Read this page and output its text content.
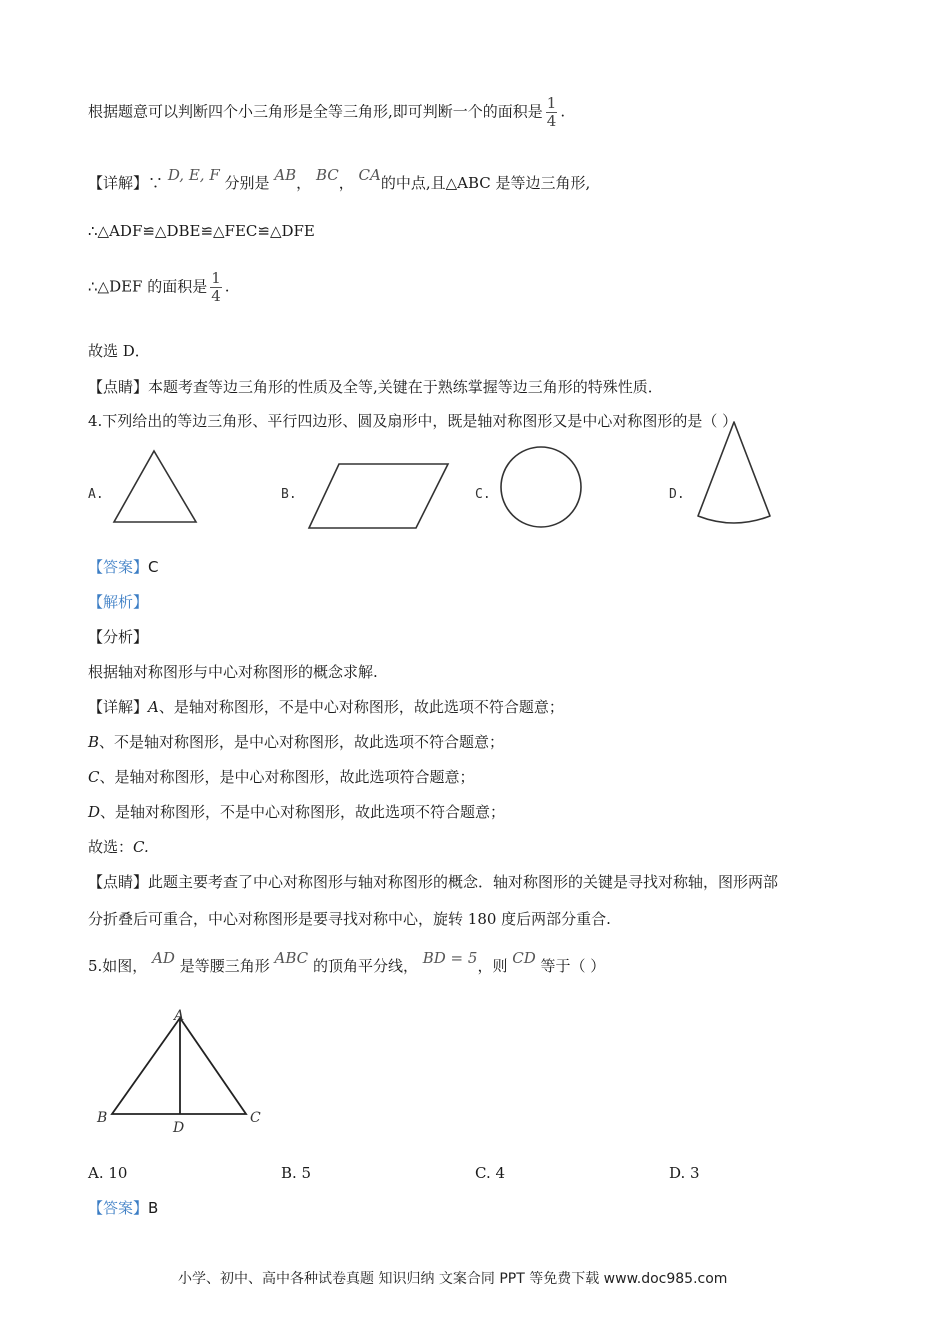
根据题意可以判断四个小三角形是全等三角形,即可判断一个的面积是 $\frac{1}{4}$ .
【详解】∵ D, E, F 分别是 AB， BC， CA的中点,且△ABC 是等边三角形,
∴△ADF≌△DBE≌△FEC≌△DFE
∴△DEF 的面积是 $\frac{1}{4}$ .
故选 D．
【点睛】本题考查等边三角形的性质及全等,关键在于熟练掌握等边三角形的特殊性质．
4.下列给出的等边三角形、平行四边形、圆及扇形中，既是轴对称图形又是中心对称图形的是（ ）
A.	B.	C.	D.
【答案】C
【解析】
【分析】
根据轴对称图形与中心对称图形的概念求解.
【详解】A、是轴对称图形，不是中心对称图形，故此选项不符合题意；
B、不是轴对称图形，是中心对称图形，故此选项不符合题意；
C、是轴对称图形，是中心对称图形，故此选项符合题意；
D、是轴对称图形，不是中心对称图形，故此选项不符合题意；
故选：C.
【点睛】此题主要考查了中心对称图形与轴对称图形的概念．轴对称图形的关键是寻找对称轴，图形两部
分折叠后可重合，中心对称图形是要寻找对称中心，旋转 180 度后两部分重合.
5.如图， AD 是等腰三角形 ABC 的顶角平分线， BD = 5，则 CD 等于（ ）
A
B	C
D
A. 10	B. 5	C. 4	D. 3
【答案】B
小学、初中、高中各种试卷真题 知识归纳 文案合同 PPT 等免费下载 www.doc985.com
